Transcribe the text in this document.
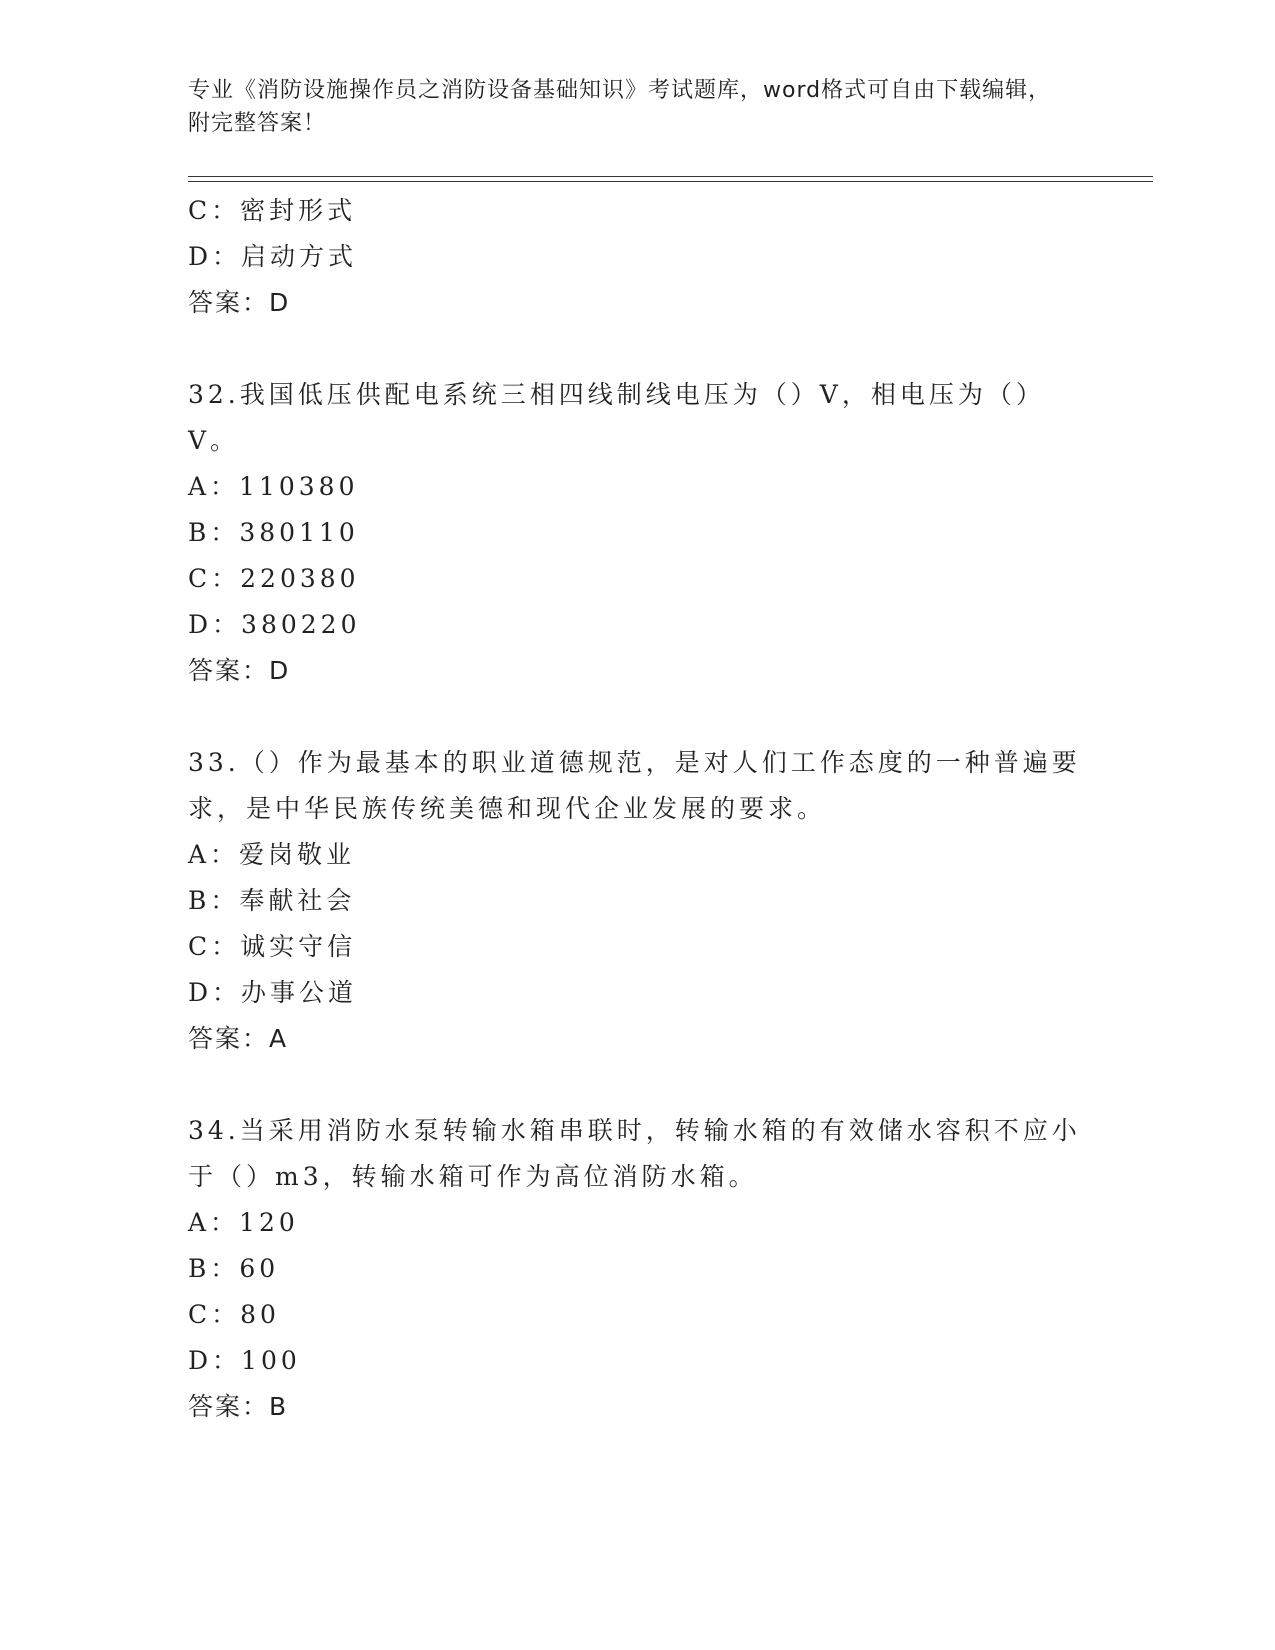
专业《消防设施操作员之消防设备基础知识》考试题库，word格式可自由下载编辑，附完整答案！
C：密封形式
D：启动方式
答案：D
32.我国低压供配电系统三相四线制线电压为（）V，相电压为（）V。
A：110380
B：380110
C：220380
D：380220
答案：D
33.（）作为最基本的职业道德规范，是对人们工作态度的一种普遍要求，是中华民族传统美德和现代企业发展的要求。
A：爱岗敬业
B：奉献社会
C：诚实守信
D：办事公道
答案：A
34.当采用消防水泵转输水箱串联时，转输水箱的有效储水容积不应小于（）m3，转输水箱可作为高位消防水箱。
A：120
B：60
C：80
D：100
答案：B
